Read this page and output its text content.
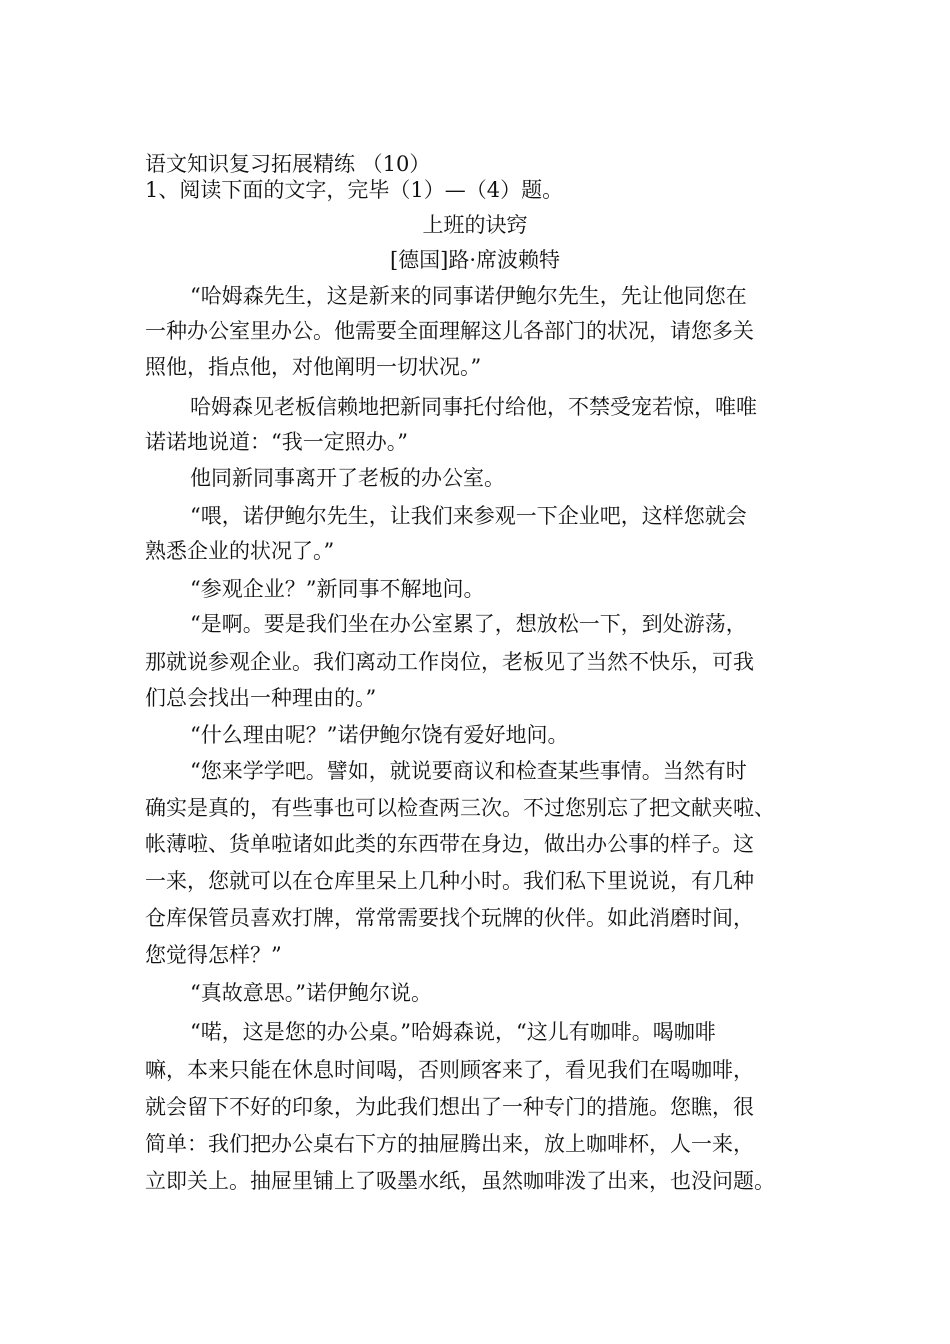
语文知识复习拓展精练 （10）
1、阅读下面的文字，完毕（1）—（4）题。
上班的诀窍
[德国]路·席波赖特
“哈姆森先生，这是新来的同事诺伊鲍尔先生，先让他同您在
一种办公室里办公。他需要全面理解这儿各部门的状况，请您多关
照他，指点他，对他阐明一切状况。”
哈姆森见老板信赖地把新同事托付给他，不禁受宠若惊，唯唯
诺诺地说道：“我一定照办。”
他同新同事离开了老板的办公室。
“喂，诺伊鲍尔先生，让我们来参观一下企业吧，这样您就会
熟悉企业的状况了。”
“参观企业？”新同事不解地问。
“是啊。要是我们坐在办公室累了，想放松一下，到处游荡，
那就说参观企业。我们离动工作岗位，老板见了当然不快乐，可我
们总会找出一种理由的。”
“什么理由呢？”诺伊鲍尔饶有爱好地问。
“您来学学吧。譬如，就说要商议和检查某些事情。当然有时
确实是真的，有些事也可以检查两三次。不过您别忘了把文献夹啦、
帐薄啦、货单啦诸如此类的东西带在身边，做出办公事的样子。这
一来，您就可以在仓库里呆上几种小时。我们私下里说说，有几种
仓库保管员喜欢打牌，常常需要找个玩牌的伙伴。如此消磨时间，
您觉得怎样？”
“真故意思。”诺伊鲍尔说。
“喏，这是您的办公桌。”哈姆森说，“这儿有咖啡。喝咖啡
嘛，本来只能在休息时间喝，否则顾客来了，看见我们在喝咖啡，
就会留下不好的印象，为此我们想出了一种专门的措施。您瞧，很
简单：我们把办公桌右下方的抽屉腾出来，放上咖啡杯，人一来，
立即关上。抽屉里铺上了吸墨水纸，虽然咖啡泼了出来，也没问题。
